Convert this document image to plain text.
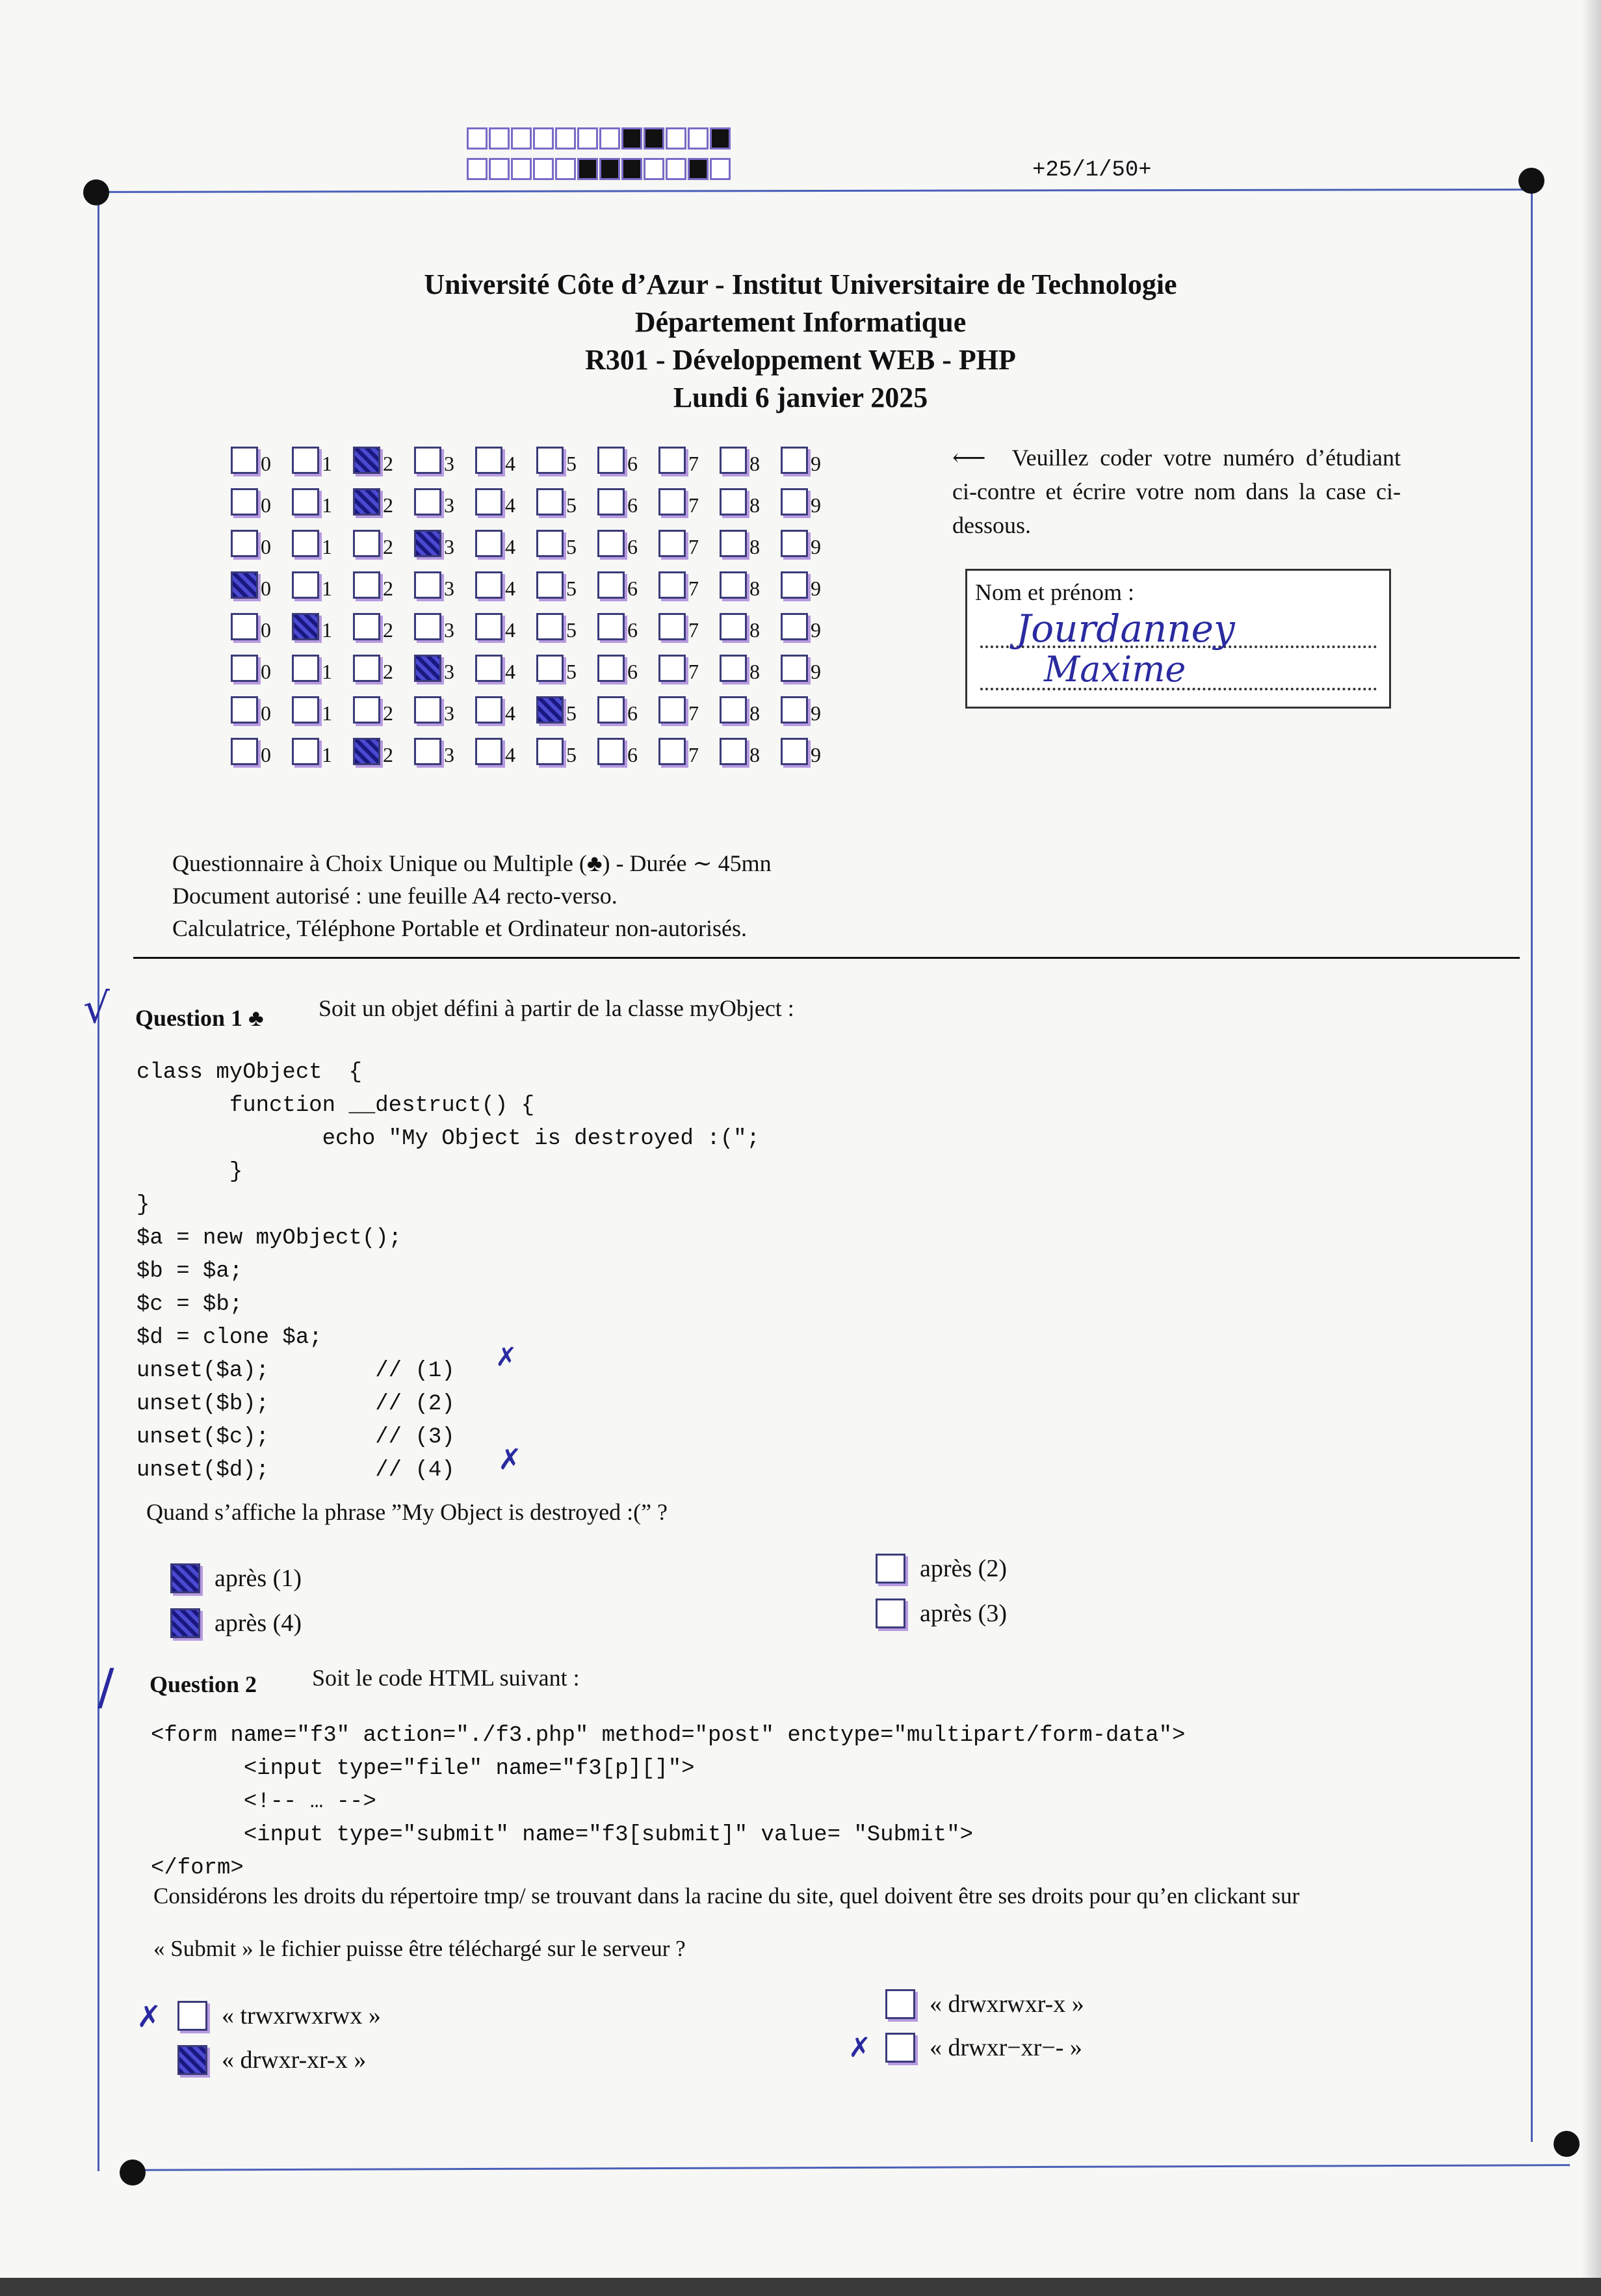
+25/1/50+
Université Côte d’Azur - Institut Universitaire de Technologie
Département Informatique
R301 - Développement WEB - PHP
Lundi 6 janvier 2025
0 1 2 3 4 5 6 7 8 9
0 1 2 3 4 5 6 7 8 9
0 1 2 3 4 5 6 7 8 9
0 1 2 3 4 5 6 7 8 9
0 1 2 3 4 5 6 7 8 9
0 1 2 3 4 5 6 7 8 9
0 1 2 3 4 5 6 7 8 9
0 1 2 3 4 5 6 7 8 9
⟵ Veuillez coder votre numéro d’étudiant ci-contre et écrire votre nom dans la case ci-dessous.
Nom et prénom :
Jourdanney
Maxime
Questionnaire à Choix Unique ou Multiple (♣) - Durée ∼ 45mn
Document autorisé : une feuille A4 recto-verso.
Calculatrice, Téléphone Portable et Ordinateur non-autorisés.
√ Question 1 ♣ Soit un objet défini à partir de la classe myObject :
class myObject  {
function __destruct() {
echo "My Object is destroyed :(";
}
}
$a = new myObject();
$b = $a;
$c = $b;
$d = clone $a;
unset($a);        // (1)
unset($b);        // (2)
unset($c);        // (3)
unset($d);        // (4)
✗
✗
Quand s’affiche la phrase ”My Object is destroyed :(” ?
après (1)
après (4)
après (2)
après (3)
/ Question 2 Soit le code HTML suivant :
<form name="f3" action="./f3.php" method="post" enctype="multipart/form-data">
<input type="file" name="f3[p][]">
<!-- … -->
<input type="submit" name="f3[submit]" value= "Submit">
</form>
Considérons les droits du répertoire tmp/ se trouvant dans la racine du site, quel doivent être ses droits pour qu’en clickant sur
« Submit » le fichier puisse être téléchargé sur le serveur ?
✗ « trwxrwxrwx »
« drwxr-xr-x »
« drwxrwxr-x »
✗ « drwxr−xr−- »
